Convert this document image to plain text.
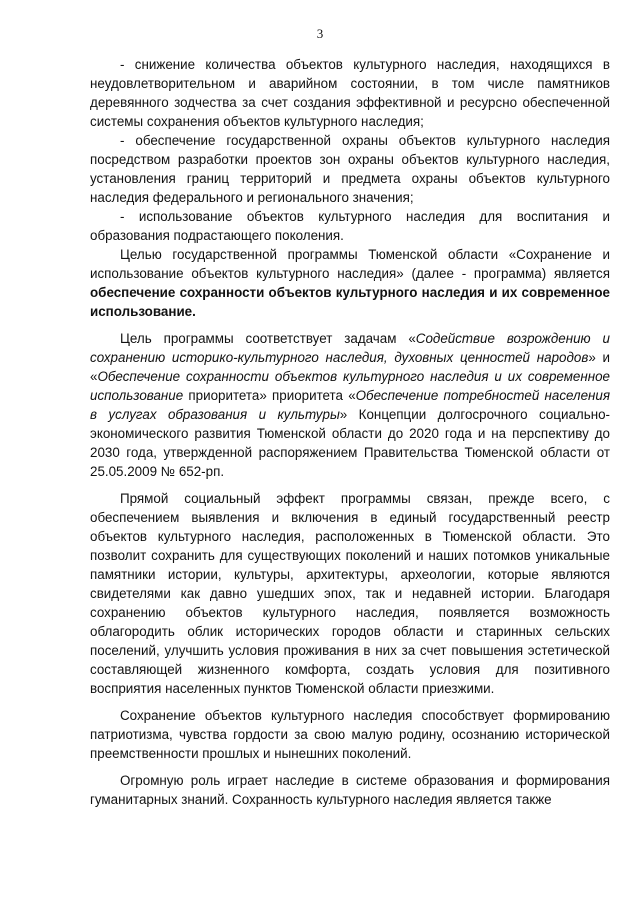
3

- снижение количества объектов культурного наследия, находящихся в неудовлетворительном и аварийном состоянии, в том числе памятников деревянного зодчества за счет создания эффективной и ресурсно обеспеченной системы сохранения объектов культурного наследия;

- обеспечение государственной охраны объектов культурного наследия посредством разработки проектов зон охраны объектов культурного наследия, установления границ территорий и предмета охраны объектов культурного наследия федерального и регионального значения;

- использование объектов культурного наследия для воспитания и образования подрастающего поколения.

Целью государственной программы Тюменской области «Сохранение и использование объектов культурного наследия» (далее - программа) является обеспечение сохранности объектов культурного наследия и их современное использование.

Цель программы соответствует задачам «Содействие возрождению и сохранению историко-культурного наследия, духовных ценностей народов» и «Обеспечение сохранности объектов культурного наследия и их современное использование приоритета» приоритета «Обеспечение потребностей населения в услугах образования и культуры» Концепции долгосрочного социально-экономического развития Тюменской области до 2020 года и на перспективу до 2030 года, утвержденной распоряжением Правительства Тюменской области от 25.05.2009 № 652-рп.

Прямой социальный эффект программы связан, прежде всего, с обеспечением выявления и включения в единый государственный реестр объектов культурного наследия, расположенных в Тюменской области. Это позволит сохранить для существующих поколений и наших потомков уникальные памятники истории, культуры, архитектуры, археологии, которые являются свидетелями как давно ушедших эпох, так и недавней истории. Благодаря сохранению объектов культурного наследия, появляется возможность облагородить облик исторических городов области и старинных сельских поселений, улучшить условия проживания в них за счет повышения эстетической составляющей жизненного комфорта, создать условия для позитивного восприятия населенных пунктов Тюменской области приезжими.

Сохранение объектов культурного наследия способствует формированию патриотизма, чувства гордости за свою малую родину, осознанию исторической преемственности прошлых и нынешних поколений.

Огромную роль играет наследие в системе образования и формирования гуманитарных знаний. Сохранность культурного наследия является также
